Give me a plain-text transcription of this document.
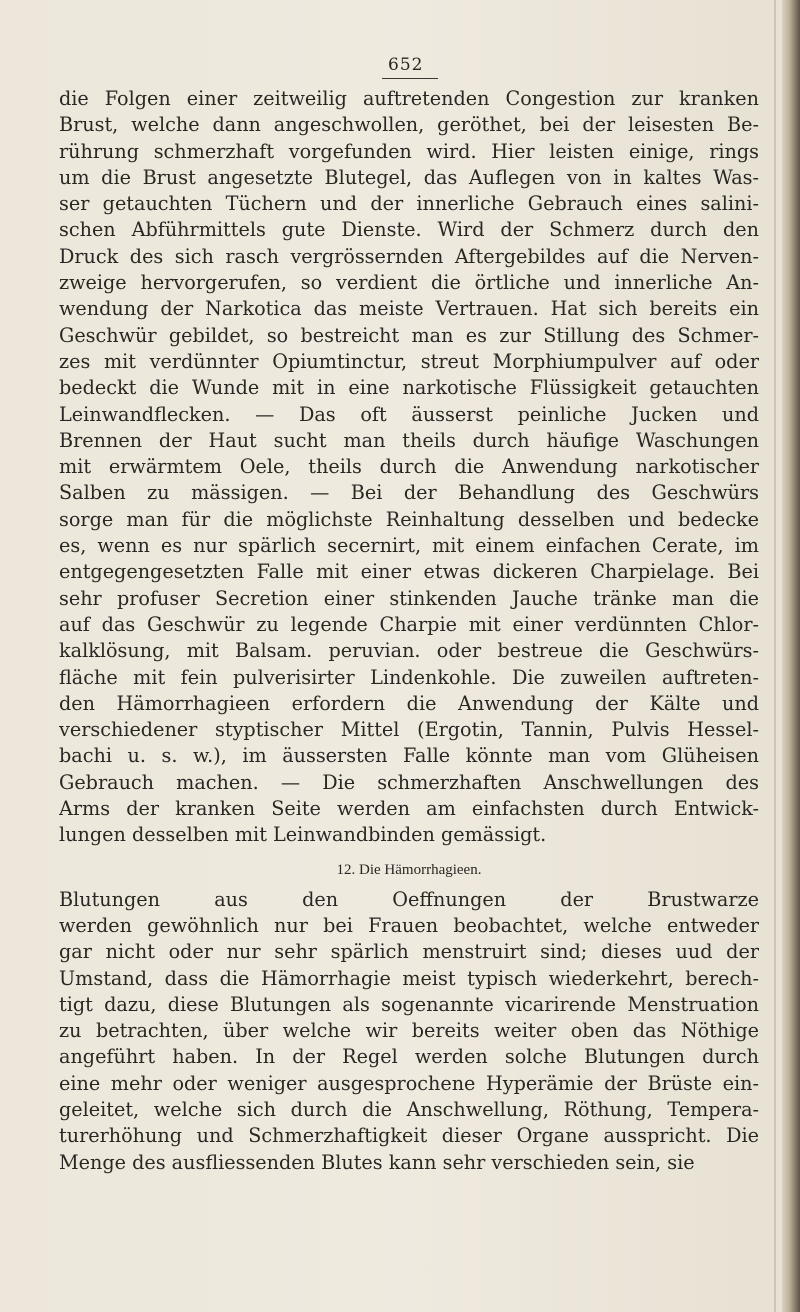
652
die Folgen einer zeitweilig auftretenden Congestion zur kranken
Brust, welche dann angeschwollen, geröthet, bei der leisesten Be-
rührung schmerzhaft vorgefunden wird. Hier leisten einige, rings
um die Brust angesetzte Blutegel, das Auflegen von in kaltes Was-
ser getauchten Tüchern und der innerliche Gebrauch eines salini-
schen Abführmittels gute Dienste. Wird der Schmerz durch den
Druck des sich rasch vergrössernden Aftergebildes auf die Nerven-
zweige hervorgerufen, so verdient die örtliche und innerliche An-
wendung der Narkotica das meiste Vertrauen. Hat sich bereits ein
Geschwür gebildet, so bestreicht man es zur Stillung des Schmer-
zes mit verdünnter Opiumtinctur, streut Morphiumpulver auf oder
bedeckt die Wunde mit in eine narkotische Flüssigkeit getauchten
Leinwandflecken. — Das oft äusserst peinliche Jucken und
Brennen der Haut sucht man theils durch häufige Waschungen
mit erwärmtem Oele, theils durch die Anwendung narkotischer
Salben zu mässigen. — Bei der Behandlung des Geschwürs
sorge man für die möglichste Reinhaltung desselben und bedecke
es, wenn es nur spärlich secernirt, mit einem einfachen Cerate, im
entgegengesetzten Falle mit einer etwas dickeren Charpielage. Bei
sehr profuser Secretion einer stinkenden Jauche tränke man die
auf das Geschwür zu legende Charpie mit einer verdünnten Chlor-
kalklösung, mit Balsam. peruvian. oder bestreue die Geschwürs-
fläche mit fein pulverisirter Lindenkohle. Die zuweilen auftreten-
den Hämorrhagieen erfordern die Anwendung der Kälte und
verschiedener styptischer Mittel (Ergotin, Tannin, Pulvis Hessel-
bachi u. s. w.), im äussersten Falle könnte man vom Glüheisen
Gebrauch machen. — Die schmerzhaften Anschwellungen des
Arms der kranken Seite werden am einfachsten durch Entwick-
lungen desselben mit Leinwandbinden gemässigt.
12. Die Hämorrhagieen.
Blutungen aus den Oeffnungen der Brustwarze
werden gewöhnlich nur bei Frauen beobachtet, welche entweder
gar nicht oder nur sehr spärlich menstruirt sind; dieses uud der
Umstand, dass die Hämorrhagie meist typisch wiederkehrt, berech-
tigt dazu, diese Blutungen als sogenannte vicarirende Menstruation
zu betrachten, über welche wir bereits weiter oben das Nöthige
angeführt haben. In der Regel werden solche Blutungen durch
eine mehr oder weniger ausgesprochene Hyperämie der Brüste ein-
geleitet, welche sich durch die Anschwellung, Röthung, Tempera-
turerhöhung und Schmerzhaftigkeit dieser Organe ausspricht. Die
Menge des ausfliessenden Blutes kann sehr verschieden sein, sie
